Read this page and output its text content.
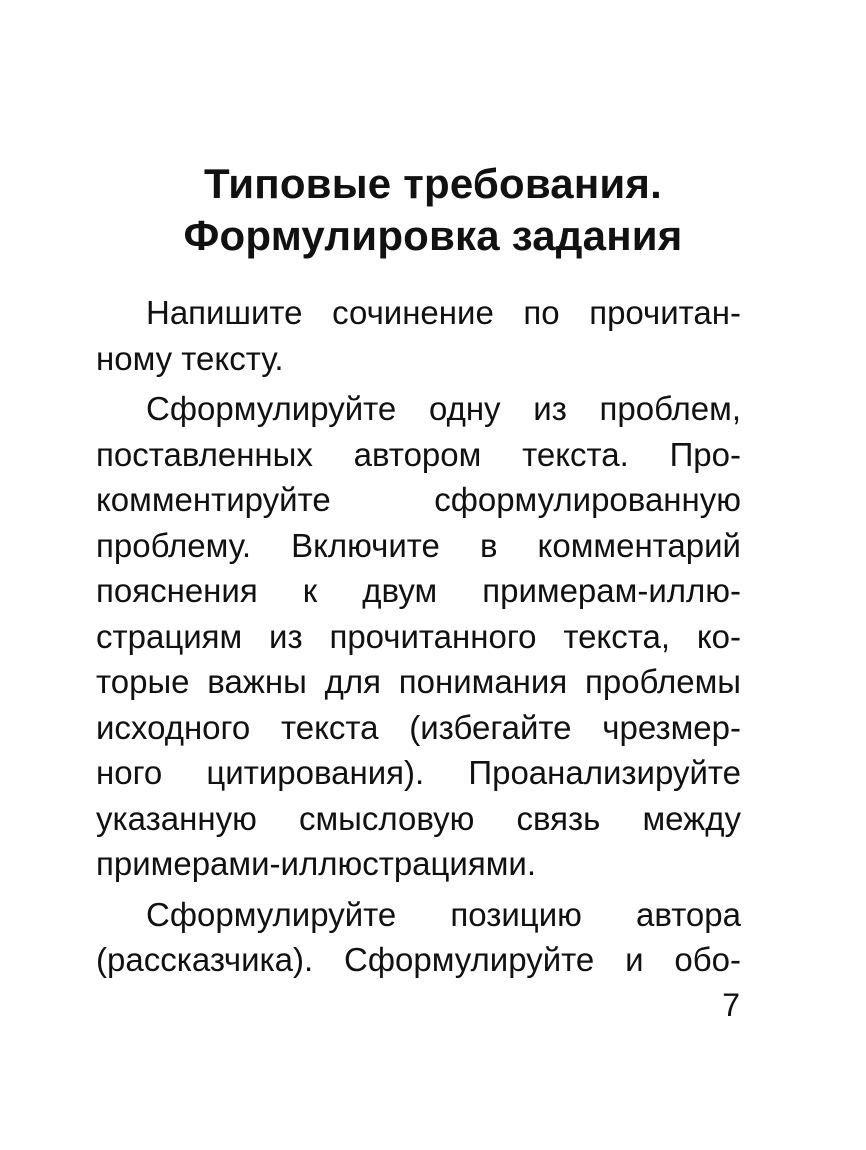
Типовые требования.
Формулировка задания

Напишите сочинение по прочитан-
ному тексту.

Сформулируйте одну из проблем,
поставленных автором текста. Про-
комментируйте сформулированную
проблему. Включите в комментарий
пояснения к двум примерам-иллю-
страциям из прочитанного текста, ко-
торые важны для понимания проблемы
исходного текста (избегайте чрезмер-
ного цитирования). Проанализируйте
указанную смысловую связь между
примерами-иллюстрациями.

Сформулируйте позицию автора
(рассказчика). Сформулируйте и обо-

7
